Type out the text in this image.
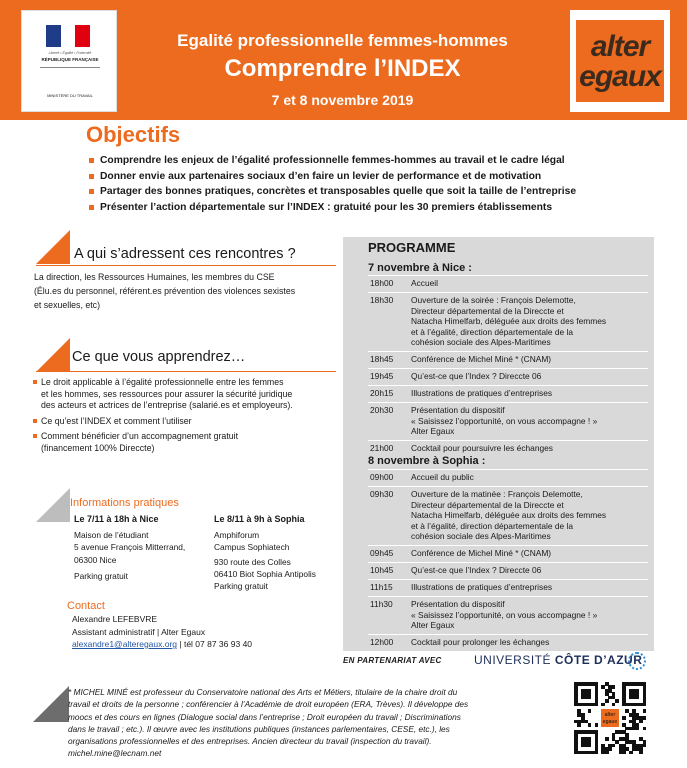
Liberté • Égalité • Fraternité
RÉPUBLIQUE FRANÇAISE
MINISTÈRE DU TRAVAIL
Egalité professionnelle femmes-hommes
Comprendre l’INDEX
7 et 8 novembre 2019
alter
egaux
Objectifs
Comprendre les enjeux de l’égalité professionnelle femmes-hommes au travail et le cadre légal
Donner envie aux partenaires sociaux d’en faire un levier de performance et de motivation
Partager des bonnes pratiques, concrètes et transposables quelle que soit la taille de l’entreprise
Présenter l’action départementale sur l’INDEX : gratuité pour les 30 premiers établissements
A qui s’adressent ces rencontres ?
La direction, les Ressources Humaines, les membres du CSE
(Élu.es du personnel, référent.es prévention des violences sexistes
et sexuelles, etc)
Ce que vous apprendrez…
Le droit applicable à l’égalité professionnelle entre les femmes
et les hommes, ses ressources pour assurer la sécurité juridique
des acteurs et actrices de l’entreprise (salarié.es et employeurs).
Ce qu’est l’INDEX et comment l’utiliser
Comment bénéficier d’un accompagnement gratuit
(financement 100% Direccte)
Informations pratiques
Le 7/11 à 18h à Nice
Maison de l’étudiant
5 avenue François Mitterrand,
06300 Nice
Parking gratuit
Le 8/11 à 9h à Sophia
Amphiforum
Campus Sophiatech
930 route des Colles
06410 Biot Sophia Antipolis
Parking gratuit
Contact
Alexandre LEFEBVRE
Assistant administratif | Alter Egaux
alexandre1@alteregaux.org | tél 07 87 36 93 40
PROGRAMME
7 novembre à Nice :
18h00 Accueil
18h30 Ouverture de la soirée : François Delemotte,
Directeur départemental de la Direccte et
Natacha Himelfarb, déléguée aux droits des femmes
et à l’égalité, direction départementale de la
cohésion sociale des Alpes-Maritimes
18h45 Conférence de Michel Miné * (CNAM)
19h45 Qu’est-ce que l’Index ? Direccte 06
20h15 Illustrations de pratiques d’entreprises
20h30 Présentation du dispositif
« Saisissez l’opportunité, on vous accompagne ! »
Alter Egaux
21h00 Cocktail pour poursuivre les échanges
8 novembre à Sophia :
09h00 Accueil du public
09h30 Ouverture de la matinée : François Delemotte,
Directeur départemental de la Direccte et
Natacha Himelfarb, déléguée aux droits des femmes
et à l’égalité, direction départementale de la
cohésion sociale des Alpes-Maritimes
09h45 Conférence de Michel Miné * (CNAM)
10h45 Qu’est-ce que l’Index ? Direccte 06
11h15 Illustrations de pratiques d’entreprises
11h30 Présentation du dispositif
« Saisissez l’opportunité, on vous accompagne ! »
Alter Egaux
12h00 Cocktail pour prolonger les échanges
EN PARTENARIAT AVEC	UNIVERSITÉ CÔTE D’AZUR
* MICHEL MINÉ est professeur du Conservatoire national des Arts et Métiers, titulaire de la chaire droit du
travail et droits de la personne ; conférencier à l’Académie de droit européen (ERA, Trèves). Il développe des
moocs et des cours en lignes (Dialogue social dans l’entreprise ; Droit européen du travail ; Discriminations
dans le travail ; etc.). Il œuvre avec les institutions publiques (instances parlementaires, CESE, etc.), les
organisations professionnelles et des entreprises. Ancien directeur du travail (inspection du travail).
michel.mine@lecnam.net
alter
egaux
